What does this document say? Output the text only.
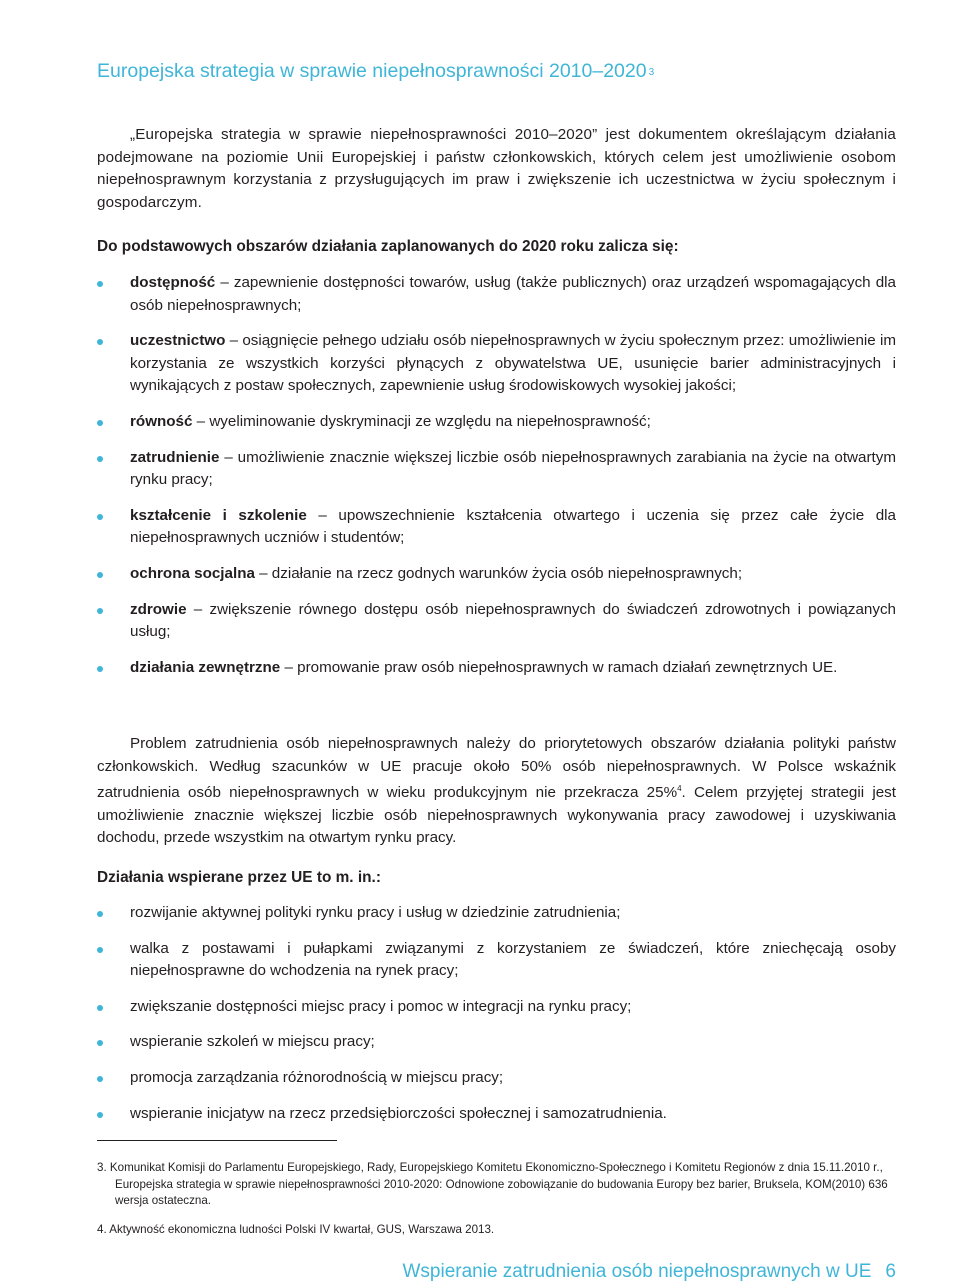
Europejska strategia w sprawie niepełnosprawności 2010–2020 $^3$

„Europejska strategia w sprawie niepełnosprawności 2010–2020” jest dokumentem określającym działania podejmowane na poziomie Unii Europejskiej i państw członkowskich, których celem jest umożliwienie osobom niepełnosprawnym korzystania z przysługujących im praw i zwiększenie ich uczestnictwa w życiu społecznym i gospodarczym.

Do podstawowych obszarów działania zaplanowanych do 2020 roku zalicza się:

dostępność – zapewnienie dostępności towarów, usług (także publicznych) oraz urządzeń wspomagających dla osób niepełnosprawnych;
uczestnictwo – osiągnięcie pełnego udziału osób niepełnosprawnych w życiu społecznym przez: umożliwienie im korzystania ze wszystkich korzyści płynących z obywatelstwa UE, usunięcie barier administracyjnych i wynikających z postaw społecznych, zapewnienie usług środowiskowych wysokiej jakości;
równość – wyeliminowanie dyskryminacji ze względu na niepełnosprawność;
zatrudnienie – umożliwienie znacznie większej liczbie osób niepełnosprawnych zarabiania na życie na otwartym rynku pracy;
kształcenie i szkolenie – upowszechnienie kształcenia otwartego i uczenia się przez całe życie dla niepełnosprawnych uczniów i studentów;
ochrona socjalna – działanie na rzecz godnych warunków życia osób niepełnosprawnych;
zdrowie – zwiększenie równego dostępu osób niepełnosprawnych do świadczeń zdrowotnych i powiązanych usług;
działania zewnętrzne – promowanie praw osób niepełnosprawnych w ramach działań zewnętrznych UE.

Problem zatrudnienia osób niepełnosprawnych należy do priorytetowych obszarów działania polityki państw członkowskich. Według szacunków w UE pracuje około 50% osób niepełnosprawnych. W Polsce wskaźnik zatrudnienia osób niepełnosprawnych w wieku produkcyjnym nie przekracza 25%$^4$. Celem przyjętej strategii jest umożliwienie znacznie większej liczbie osób niepełnosprawnych wykonywania pracy zawodowej i uzyskiwania dochodu, przede wszystkim na otwartym rynku pracy.

Działania wspierane przez UE to m. in.:

rozwijanie aktywnej polityki rynku pracy i usług w dziedzinie zatrudnienia;
walka z postawami i pułapkami związanymi z korzystaniem ze świadczeń, które zniechęcają osoby niepełnosprawne do wchodzenia na rynek pracy;
zwiększanie dostępności miejsc pracy i pomoc w integracji na rynku pracy;
wspieranie szkoleń w miejscu pracy;
promocja zarządzania różnorodnością w miejscu pracy;
wspieranie inicjatyw na rzecz przedsiębiorczości społecznej i samozatrudnienia.

3. Komunikat Komisji do Parlamentu Europejskiego, Rady, Europejskiego Komitetu Ekonomiczno-Społecznego i Komitetu Regionów z dnia 15.11.2010 r., Europejska strategia w sprawie niepełnosprawności 2010-2020: Odnowione zobowiązanie do budowania Europy bez barier, Bruksela, KOM(2010) 636 wersja ostateczna.

4. Aktywność ekonomiczna ludności Polski IV kwartał, GUS, Warszawa 2013.

Wspieranie zatrudnienia osób niepełnosprawnych w UE 6
